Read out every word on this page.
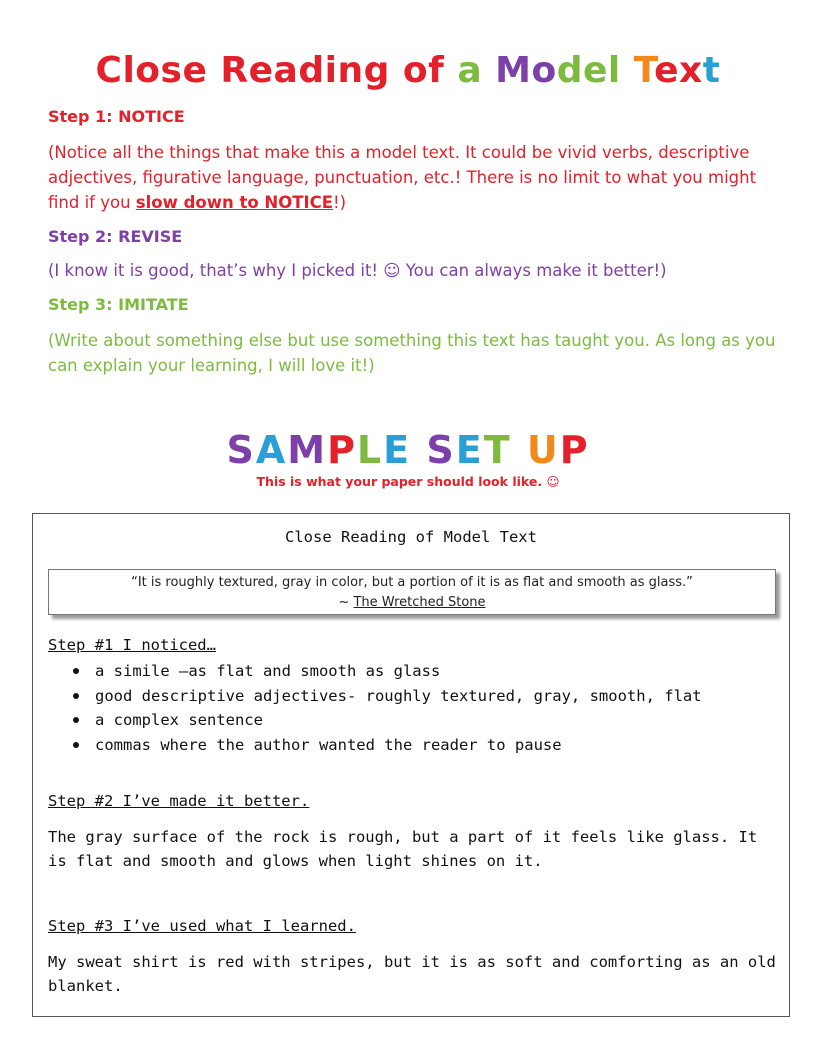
Close Reading of a Model Text
Step 1: NOTICE
(Notice all the things that make this a model text. It could be vivid verbs, descriptive adjectives, figurative language, punctuation, etc.! There is no limit to what you might find if you slow down to NOTICE!)
Step 2: REVISE
(I know it is good, that’s why I picked it! ☺ You can always make it better!)
Step 3: IMITATE
(Write about something else but use something this text has taught you. As long as you can explain your learning, I will love it!)
SAMPLE SET UP
This is what your paper should look like. ☺
Close Reading of Model Text
“It is roughly textured, gray in color, but a portion of it is as flat and smooth as glass.”
~ The Wretched Stone
Step #1 I noticed…
a simile –as flat and smooth as glass
good descriptive adjectives- roughly textured, gray, smooth, flat
a complex sentence
commas where the author wanted the reader to pause
Step #2 I’ve made it better.
The gray surface of the rock is rough, but a part of it feels like glass. It is flat and smooth and glows when light shines on it.
Step #3 I’ve used what I learned.
My sweat shirt is red with stripes, but it is as soft and comforting as an old blanket.
